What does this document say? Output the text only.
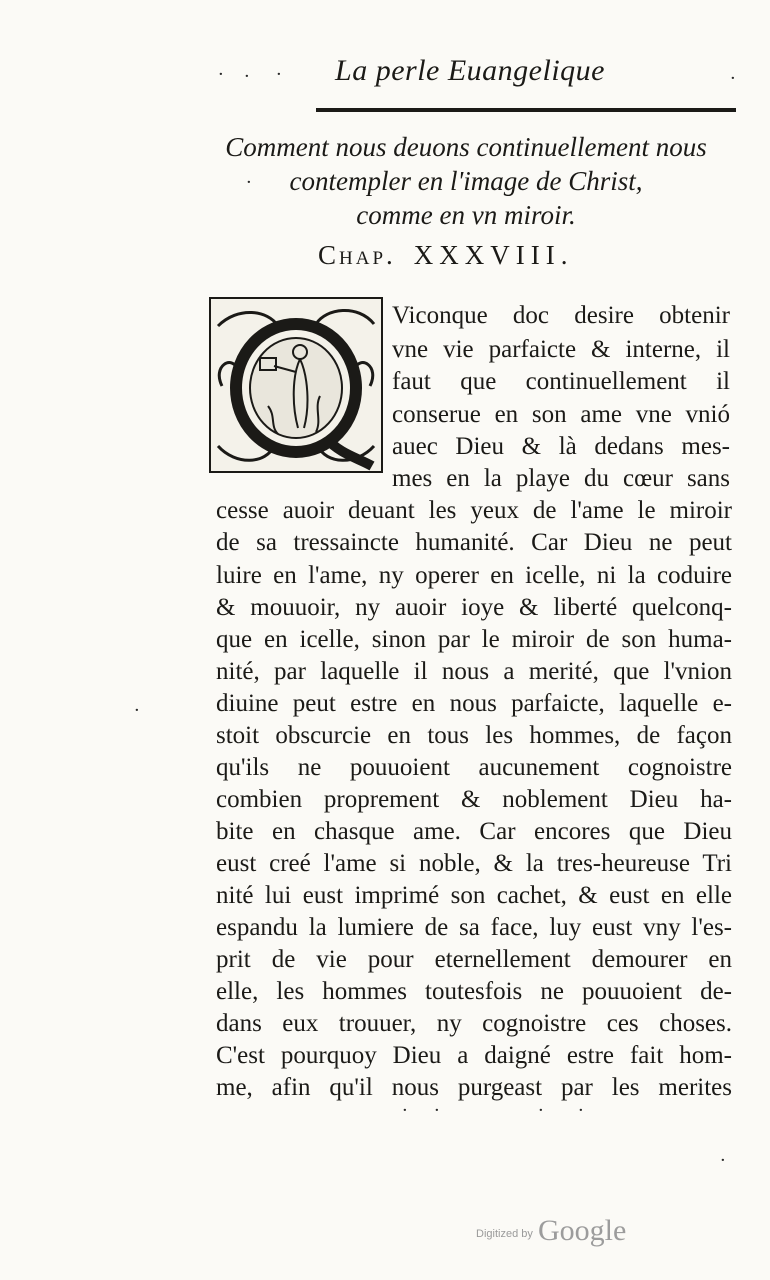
· · ·	·
·
·
· ·	· ·
·
La perle Euangelique
Comment nous deuons continuellement nous
contempler en l'image de Christ,
comme en vn miroir.
Chap. XXXVIII.
Viconque doc desire obtenir
vne vie parfaicte & interne, il
faut que continuellement il
conserue en son ame vne vnió
auec Dieu & là dedans mes-
mes en la playe du cœur sans
cesse auoir deuant les yeux de l'ame le miroir
de sa tressaincte humanité. Car Dieu ne peut
luire en l'ame, ny operer en icelle, ni la coduire
& mouuoir, ny auoir ioye & liberté quelconq-
que en icelle, sinon par le miroir de son huma-
nité, par laquelle il nous a merité, que l'vnion
diuine peut estre en nous parfaicte, laquelle e-
stoit obscurcie en tous les hommes, de façon
qu'ils ne pouuoient aucunement cognoistre
combien proprement & noblement Dieu ha-
bite en chasque ame. Car encores que Dieu
eust creé l'ame si noble, & la tres-heureuse Tri
nité lui eust imprimé son cachet, & eust en elle
espandu la lumiere de sa face, luy eust vny l'es-
prit de vie pour eternellement demourer en
elle, les hommes toutesfois ne pouuoient de-
dans eux trouuer, ny cognoistre ces choses.
C'est pourquoy Dieu a daigné estre fait hom-
me, afin qu'il nous purgeast par les merites
Digitized by Google
